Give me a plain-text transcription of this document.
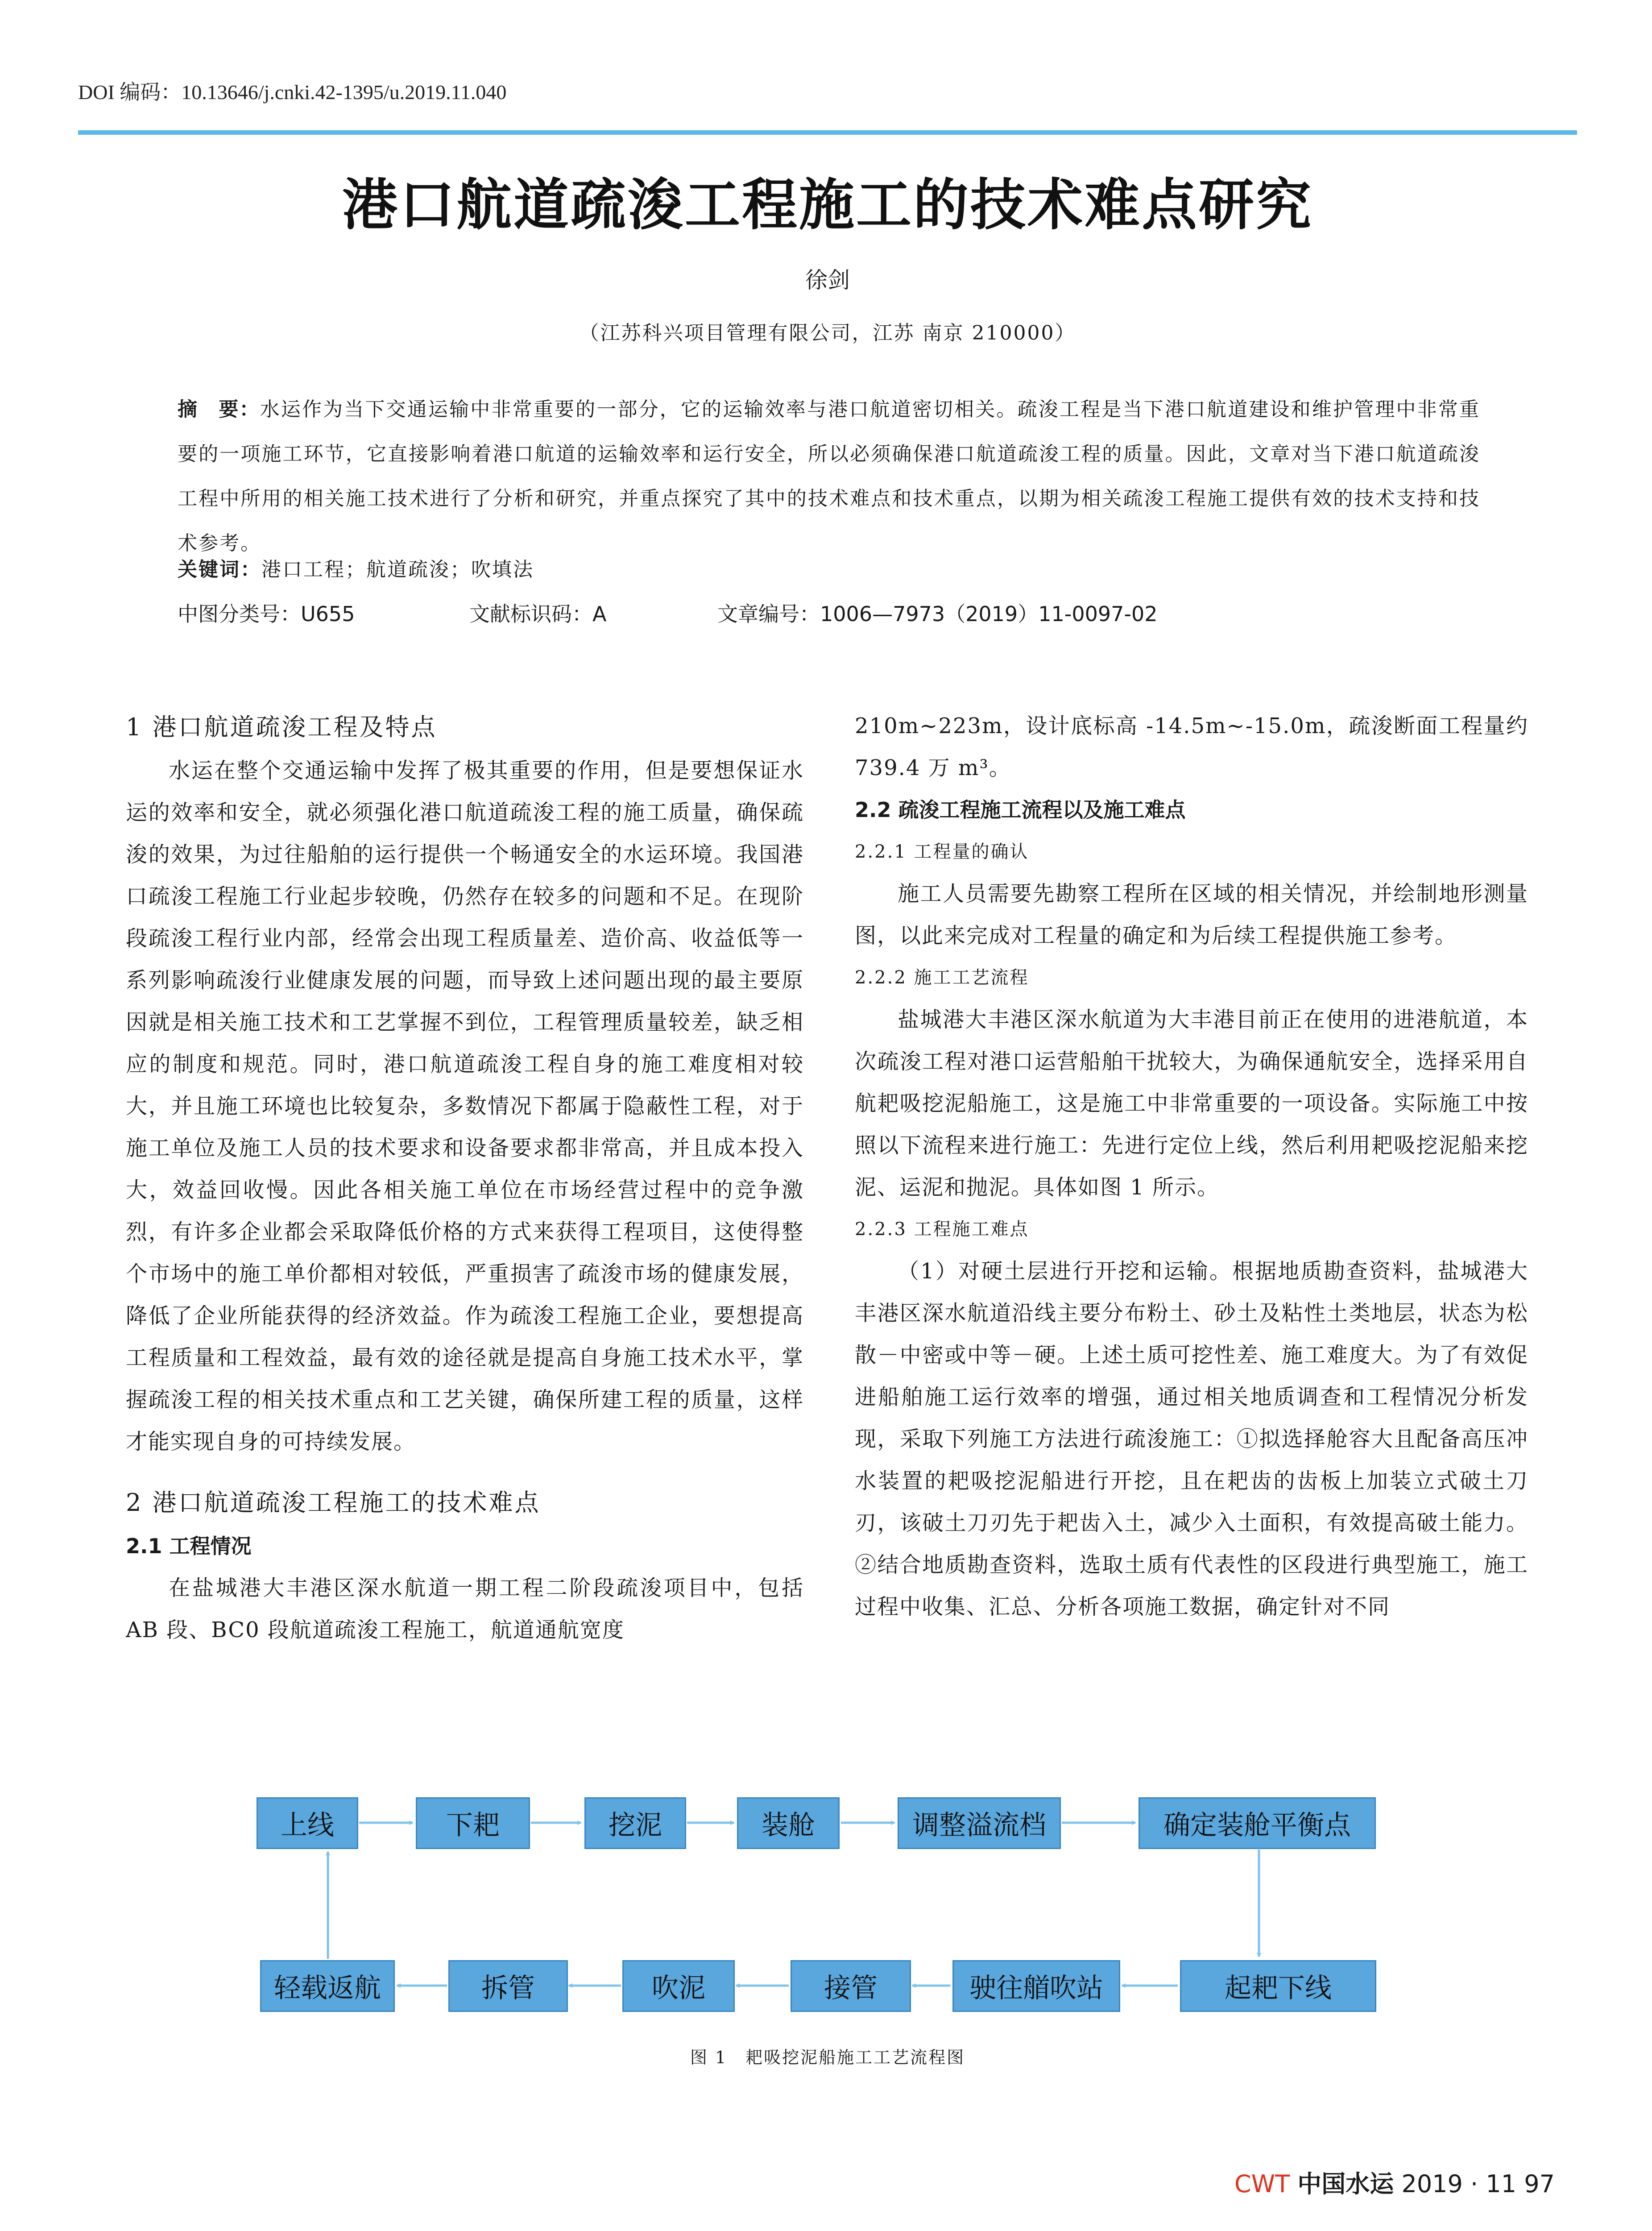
DOI 编码：10.13646/j.cnki.42-1395/u.2019.11.040
港口航道疏浚工程施工的技术难点研究
徐剑
（江苏科兴项目管理有限公司，江苏 南京 210000）
摘　要：水运作为当下交通运输中非常重要的一部分，它的运输效率与港口航道密切相关。疏浚工程是当下港口航道建设和维护管理中非常重要的一项施工环节，它直接影响着港口航道的运输效率和运行安全，所以必须确保港口航道疏浚工程的质量。因此，文章对当下港口航道疏浚工程中所用的相关施工技术进行了分析和研究，并重点探究了其中的技术难点和技术重点，以期为相关疏浚工程施工提供有效的技术支持和技术参考。
关键词：港口工程；航道疏浚；吹填法
中图分类号：U655	文献标识码：A	文章编号：1006—7973（2019）11-0097-02
1 港口航道疏浚工程及特点

水运在整个交通运输中发挥了极其重要的作用，但是要想保证水运的效率和安全，就必须强化港口航道疏浚工程的施工质量，确保疏浚的效果，为过往船舶的运行提供一个畅通安全的水运环境。我国港口疏浚工程施工行业起步较晚，仍然存在较多的问题和不足。在现阶段疏浚工程行业内部，经常会出现工程质量差、造价高、收益低等一系列影响疏浚行业健康发展的问题，而导致上述问题出现的最主要原因就是相关施工技术和工艺掌握不到位，工程管理质量较差，缺乏相应的制度和规范。同时，港口航道疏浚工程自身的施工难度相对较大，并且施工环境也比较复杂，多数情况下都属于隐蔽性工程，对于施工单位及施工人员的技术要求和设备要求都非常高，并且成本投入大，效益回收慢。因此各相关施工单位在市场经营过程中的竞争激烈，有许多企业都会采取降低价格的方式来获得工程项目，这使得整个市场中的施工单价都相对较低，严重损害了疏浚市场的健康发展，降低了企业所能获得的经济效益。作为疏浚工程施工企业，要想提高工程质量和工程效益，最有效的途径就是提高自身施工技术水平，掌握疏浚工程的相关技术重点和工艺关键，确保所建工程的质量，这样才能实现自身的可持续发展。

2 港口航道疏浚工程施工的技术难点
2.1 工程情况

在盐城港大丰港区深水航道一期工程二阶段疏浚项目中，包括 AB 段、BC0 段航道疏浚工程施工，航道通航宽度

210m~223m，设计底标高 -14.5m~-15.0m，疏浚断面工程量约 739.4 万 m³。

2.2 疏浚工程施工流程以及施工难点
2.2.1 工程量的确认

施工人员需要先勘察工程所在区域的相关情况，并绘制地形测量图，以此来完成对工程量的确定和为后续工程提供施工参考。

2.2.2 施工工艺流程

盐城港大丰港区深水航道为大丰港目前正在使用的进港航道，本次疏浚工程对港口运营船舶干扰较大，为确保通航安全，选择采用自航耙吸挖泥船施工，这是施工中非常重要的一项设备。实际施工中按照以下流程来进行施工：先进行定位上线，然后利用耙吸挖泥船来挖泥、运泥和抛泥。具体如图 1 所示。

2.2.3 工程施工难点

（1）对硬土层进行开挖和运输。根据地质勘查资料，盐城港大丰港区深水航道沿线主要分布粉土、砂土及粘性土类地层，状态为松散－中密或中等－硬。上述土质可挖性差、施工难度大。为了有效促进船舶施工运行效率的增强，通过相关地质调查和工程情况分析发现，采取下列施工方法进行疏浚施工：①拟选择舱容大且配备高压冲水装置的耙吸挖泥船进行开挖，且在耙齿的齿板上加装立式破土刀刃，该破土刀刃先于耙齿入土，减少入土面积，有效提高破土能力。②结合地质勘查资料，选取土质有代表性的区段进行典型施工，施工过程中收集、汇总、分析各项施工数据，确定针对不同

上线	下耙	挖泥	装舱	调整溢流档	确定装舱平衡点
轻载返航	拆管	吹泥	接管	驶往艏吹站	起耙下线
图 1　耙吸挖泥船施工工艺流程图
CWT 中国水运 2019 · 11 97
